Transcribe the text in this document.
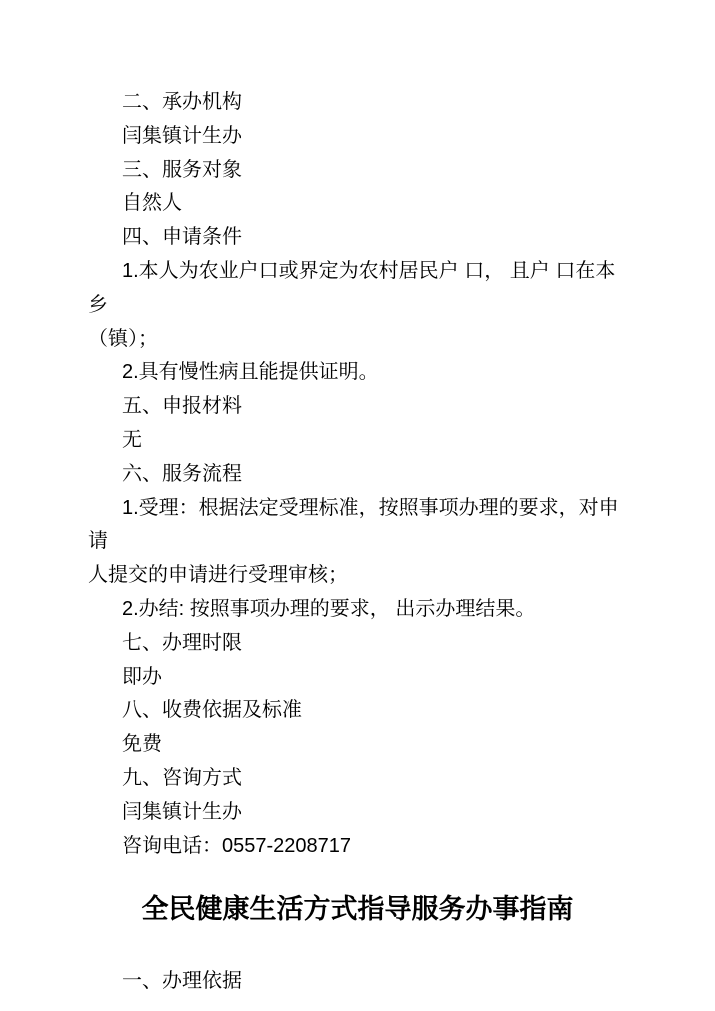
二、承办机构

闫集镇计生办

三、服务对象

自然人

四、申请条件

1.本人为农业户口或界定为农村居民户 口， 且户 口在本乡

（镇）；

2.具有慢性病且能提供证明。

五、申报材料

无

六、服务流程

1.受理：根据法定受理标准，按照事项办理的要求，对申请

人提交的申请进行受理审核；

2.办结: 按照事项办理的要求， 出示办理结果。

七、办理时限

即办

八、收费依据及标准

免费

九、咨询方式

闫集镇计生办

咨询电话：0557-2208717

全民健康生活方式指导服务办事指南

一、办理依据
